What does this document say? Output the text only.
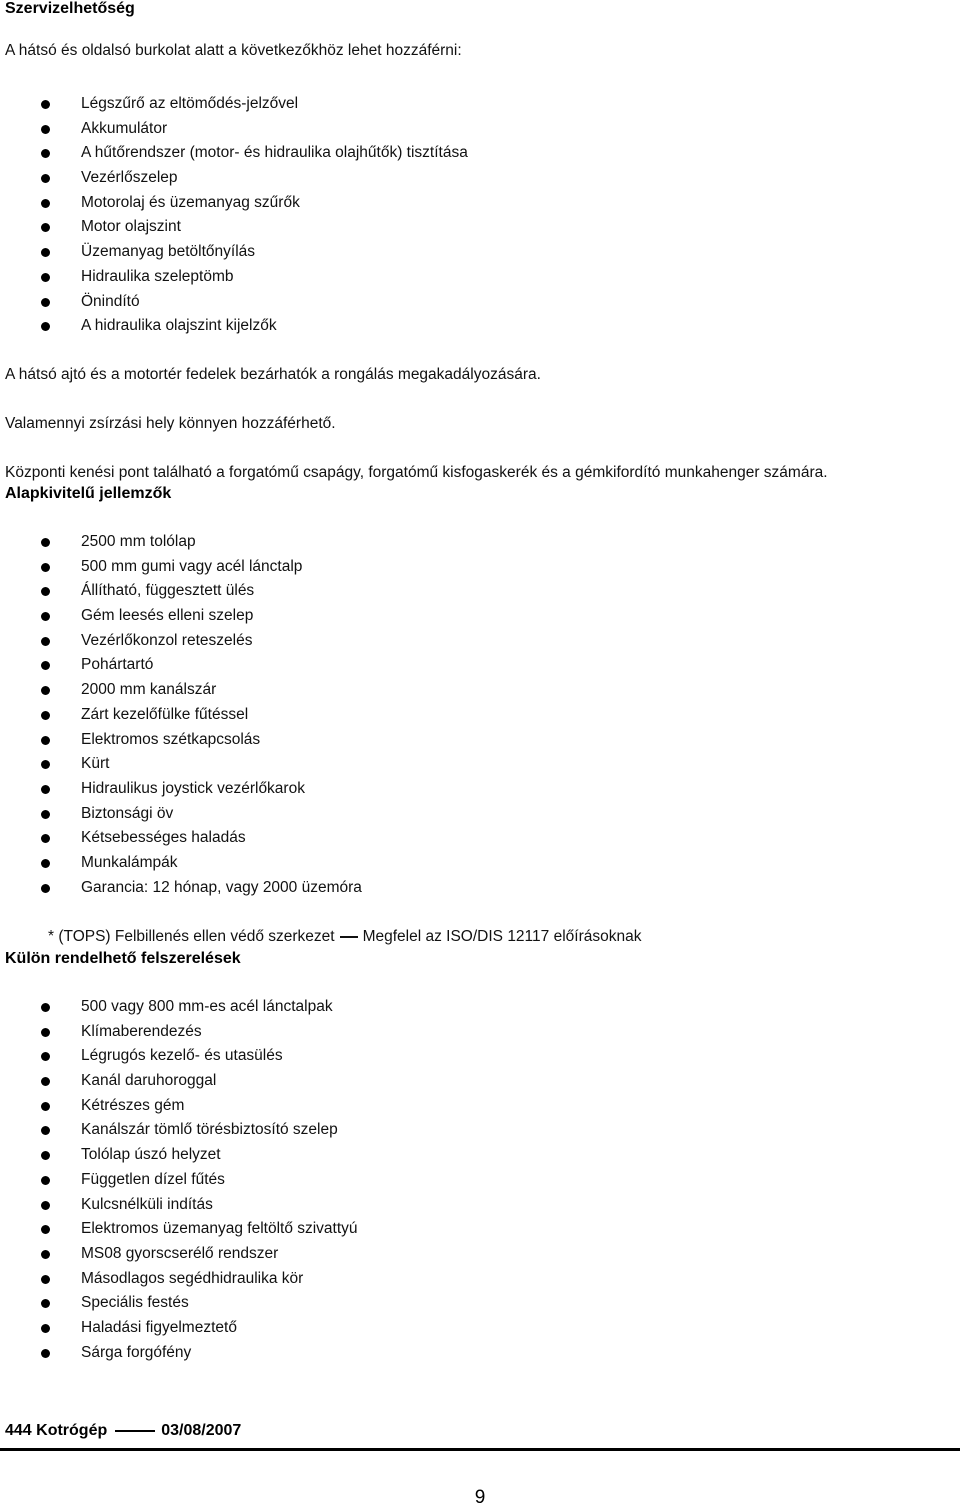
Szervizelhetőség
A hátsó és oldalsó burkolat alatt a következőkhöz lehet hozzáférni:
Légszűrő az eltömődés-jelzővel
Akkumulátor
A hűtőrendszer (motor- és hidraulika olajhűtők) tisztítása
Vezérlőszelep
Motorolaj és üzemanyag szűrők
Motor olajszint
Üzemanyag betöltőnyílás
Hidraulika szeleptömb
Önindító
A hidraulika olajszint kijelzők
A hátsó ajtó és a motortér fedelek bezárhatók a rongálás megakadályozására.
Valamennyi zsírzási hely könnyen hozzáférhető.
Központi kenési pont található a forgatómű csapágy, forgatómű kisfogaskerék és a gémkifordító munkahenger számára.
Alapkivitelű jellemzők
2500 mm tolólap
500 mm gumi vagy acél lánctalp
Állítható, függesztett ülés
Gém leesés elleni szelep
Vezérlőkonzol reteszelés
Pohártartó
2000 mm kanálszár
Zárt kezelőfülke fűtéssel
Elektromos szétkapcsolás
Kürt
Hidraulikus joystick vezérlőkarok
Biztonsági öv
Kétsebességes haladás
Munkalámpák
Garancia: 12 hónap, vagy 2000 üzemóra
* (TOPS) Felbillenés ellen védő szerkezet Megfelel az ISO/DIS 12117 előírásoknak
Külön rendelhető felszerelések
500 vagy 800 mm-es acél lánctalpak
Klímaberendezés
Légrugós kezelő- és utasülés
Kanál daruhoroggal
Kétrészes gém
Kanálszár tömlő törésbiztosító szelep
Tolólap úszó helyzet
Független dízel fűtés
Kulcsnélküli indítás
Elektromos üzemanyag feltöltő szivattyú
MS08 gyorscserélő rendszer
Másodlagos segédhidraulika kör
Speciális festés
Haladási figyelmeztető
Sárga forgófény
444 Kotrógép	03/08/2007
9
